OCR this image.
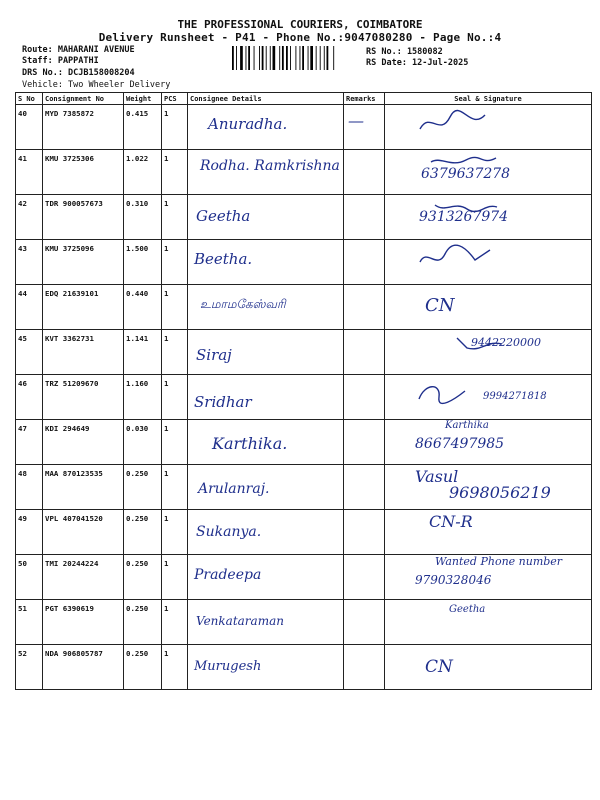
THE PROFESSIONAL COURIERS, COIMBATORE
Delivery Runsheet - P41 - Phone No.:9047080280 - Page No.:4
Route: MAHARANI AVENUE
Staff: PAPPATHI
DRS No.: DCJB158008204
Vehicle: Two Wheeler Delivery
RS No.: 1580082
RS Date: 12-Jul-2025
S No	Consignment No	Weight	PCS	Consignee Details	Remarks	Seal & Signature
40	MYD 7385872	0.415	1	Anuradha.	—

41	KMU 3725306	1.022	1	Rodha. Ramkrishna		6379637278

42	TDR 900057673	0.310	1	Geetha		9313267974

43	KMU 3725096	1.500	1	Beetha.

44	EDQ 21639101	0.440	1	உமாமகேஸ்வரி		CN

45	KVT 3362731	1.141	1	Siraj		9442220000

46	TRZ 51209670	1.160	1	Sridhar		9994271818

47	KDI 294649	0.030	1	Karthika.		Karthika
8667497985

48	MAA 870123535	0.250	1	Arulanraj.		Vasul
9698056219

49	VPL 407041520	0.250	1	Sukanya.		CN-R

50	TMI 20244224	0.250	1	Pradeepa		Wanted Phone number
9790328046

51	PGT 6390619	0.250	1	Venkataraman		Geetha

52	NDA 906805787	0.250	1	Murugesh		CN
